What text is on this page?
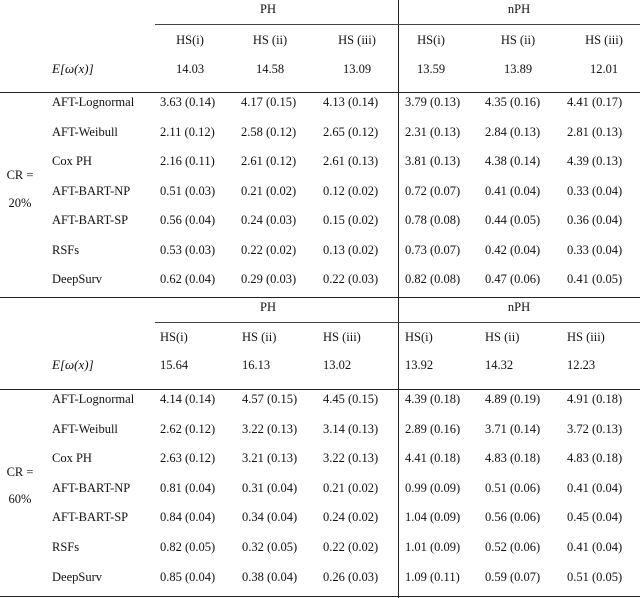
PH	nPH
HS(i)	HS (ii)	HS (iii)	HS(i)	HS (ii)	HS (iii)
E[ω(x)]	14.03	14.58	13.09	13.59	13.89	12.01
CR =
20%
AFT-Lognormal 3.63 (0.14) 4.17 (0.15) 4.13 (0.14) 3.79 (0.13) 4.35 (0.16) 4.41 (0.17)
AFT-Weibull	2.11 (0.12) 2.58 (0.12) 2.65 (0.12) 2.31 (0.13) 2.84 (0.13) 2.81 (0.13)
Cox PH	2.16 (0.11) 2.61 (0.12) 2.61 (0.13) 3.81 (0.13) 4.38 (0.14) 4.39 (0.13)
AFT-BART-NP 0.51 (0.03) 0.21 (0.02) 0.12 (0.02) 0.72 (0.07) 0.41 (0.04) 0.33 (0.04)
AFT-BART-SP	0.56 (0.04) 0.24 (0.03) 0.15 (0.02) 0.78 (0.08) 0.44 (0.05) 0.36 (0.04)
RSFs	0.53 (0.03) 0.22 (0.02) 0.13 (0.02) 0.73 (0.07) 0.42 (0.04) 0.33 (0.04)
DeepSurv	0.62 (0.04) 0.29 (0.03) 0.22 (0.03) 0.82 (0.08) 0.47 (0.06) 0.41 (0.05)
PH	nPH
HS(i)	HS (ii)	HS (iii)	HS(i)	HS (ii)	HS (iii)
E[ω(x)]	15.64	16.13	13.02	13.92	14.32	12.23
CR =
60%
AFT-Lognormal 4.14 (0.14) 4.57 (0.15) 4.45 (0.15) 4.39 (0.18) 4.89 (0.19) 4.91 (0.18)
AFT-Weibull	2.62 (0.12) 3.22 (0.13) 3.14 (0.13) 2.89 (0.16) 3.71 (0.14) 3.72 (0.13)
Cox PH	2.63 (0.12) 3.21 (0.13) 3.22 (0.13) 4.41 (0.18) 4.83 (0.18) 4.83 (0.18)
AFT-BART-NP 0.81 (0.04) 0.31 (0.04) 0.21 (0.02) 0.99 (0.09) 0.51 (0.06) 0.41 (0.04)
AFT-BART-SP	0.84 (0.04) 0.34 (0.04) 0.24 (0.02) 1.04 (0.09) 0.56 (0.06) 0.45 (0.04)
RSFs	0.82 (0.05) 0.32 (0.05) 0.22 (0.02) 1.01 (0.09) 0.52 (0.06) 0.41 (0.04)
DeepSurv	0.85 (0.04) 0.38 (0.04) 0.26 (0.03) 1.09 (0.11) 0.59 (0.07) 0.51 (0.05)
